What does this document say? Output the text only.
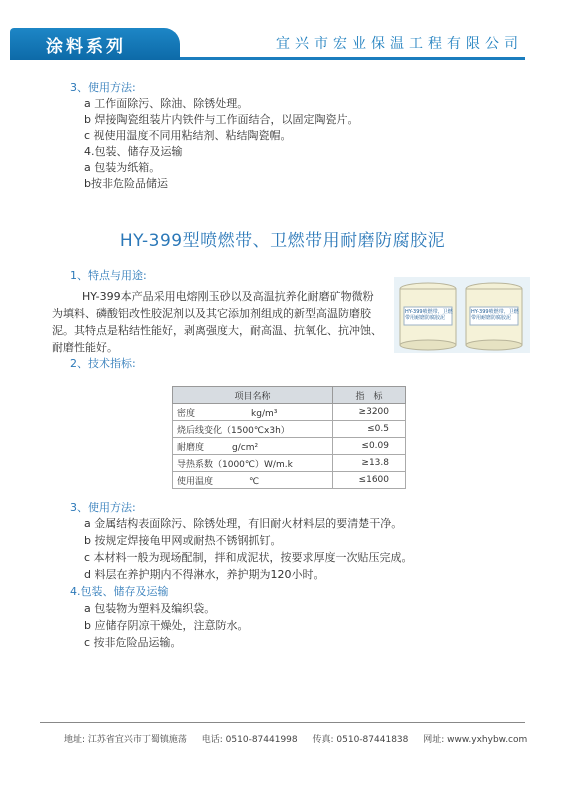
涂料系列	宜兴市宏业保温工程有限公司
3、使用方法:
a 工作面除污、除油、除锈处理。
b 焊接陶瓷组装片内铁件与工作面结合，以固定陶瓷片。
c 视使用温度不同用粘结剂、粘结陶瓷帽。
4.包装、储存及运输
a 包装为纸箱。
b按非危险品储运
HY-399型喷燃带、卫燃带用耐磨防腐胶泥
1、特点与用途:
HY-399本产品采用电熔刚玉砂以及高温抗养化耐磨矿物微粉为填料、磷酸铝改性胶泥剂以及其它添加剂组成的新型高温防磨胶泥。其特点是粘结性能好，剥离强度大，耐高温、抗氧化、抗冲蚀、耐磨性能好。
HY-399喷燃带、卫燃带用耐磨防腐胶泥
HY-399喷燃带、卫燃带用耐磨防腐胶泥
2、技术指标:
项目名称	指　标
密度 kg/m³	≥3200
烧后线变化（1500℃x3h）	≤0.5
耐磨度 g/cm²	≤0.09
导热系数（1000℃）W/m.k	≥13.8
使用温度 ℃	≤1600
3、使用方法:
a 金属结构表面除污、除锈处理，有旧耐火材料层的要清楚干净。
b 按规定焊接龟甲网或耐热不锈钢抓钉。
c 本材料一般为现场配制，拌和成泥状，按要求厚度一次贴压完成。
d 料层在养护期内不得淋水，养护期为120小时。
4.包装、储存及运输
a 包装物为塑料及编织袋。
b 应储存阴凉干燥处，注意防水。
c 按非危险品运输。
地址: 江苏省宜兴市丁蜀镇施荡 电话: 0510-87441998 传真: 0510-87441838 网址: www.yxhybw.com
